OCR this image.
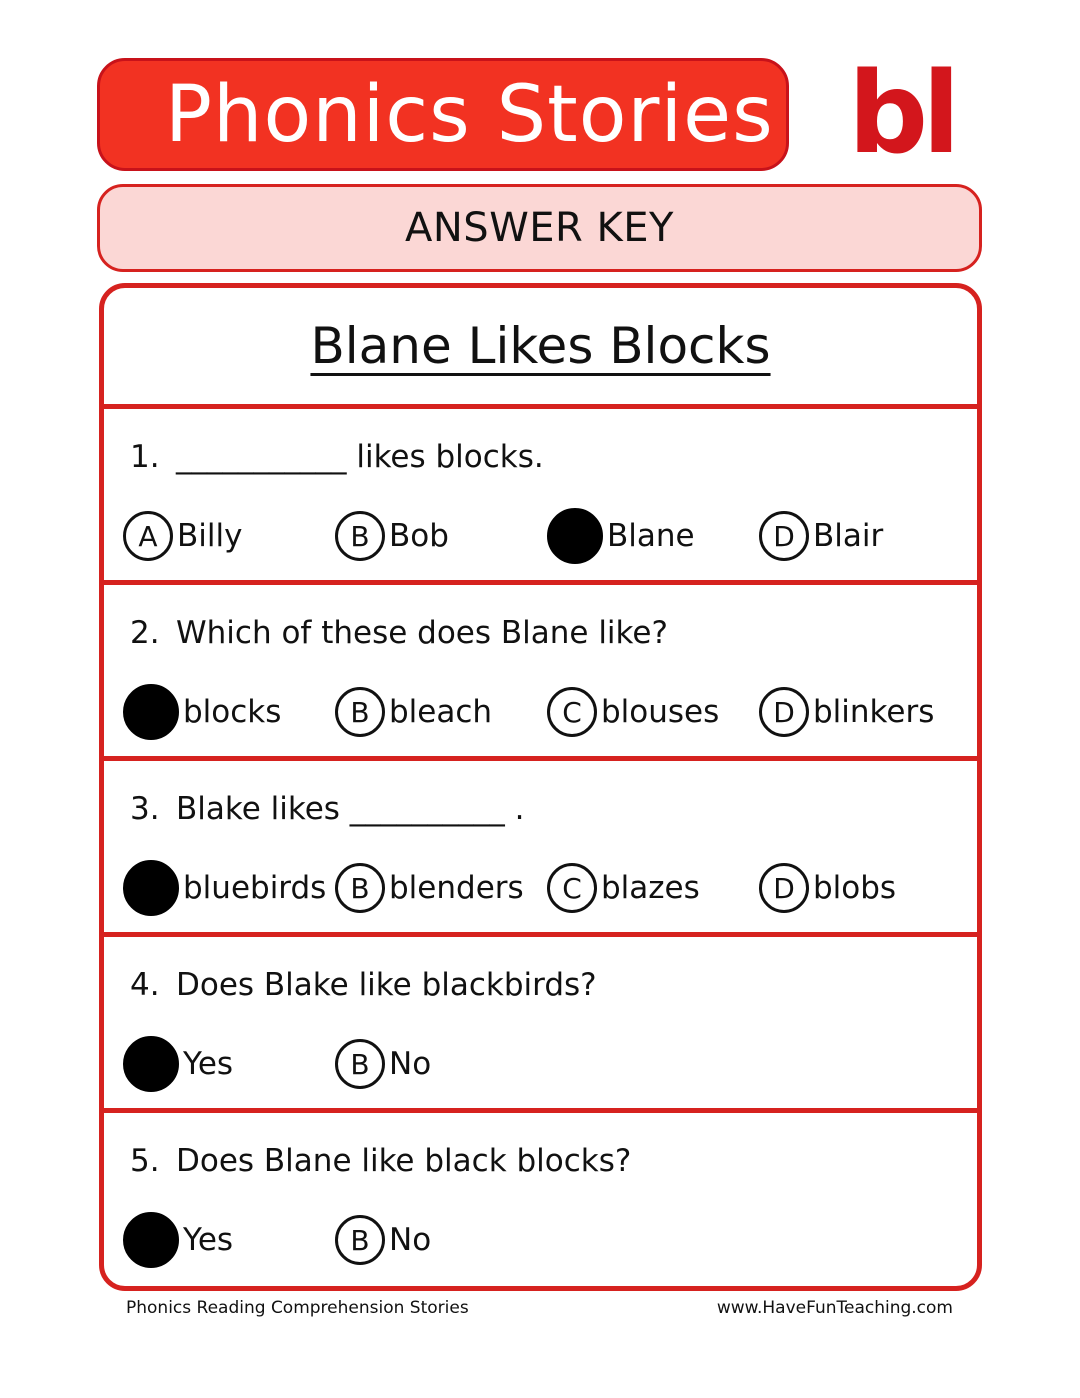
Phonics Stories bl
ANSWER KEY
Blane Likes Blocks
1. ___________ likes blocks.
A Billy	B Bob	Blane	D Blair
2. Which of these does Blane like?
blocks	B bleach	C blouses	D blinkers
3. Blake likes __________ .
bluebirds B blenders	C blazes	D blobs
4. Does Blake like blackbirds?
Yes	B No
5. Does Blane like black blocks?
Yes	B No
Phonics Reading Comprehension Stories	www.HaveFunTeaching.com
